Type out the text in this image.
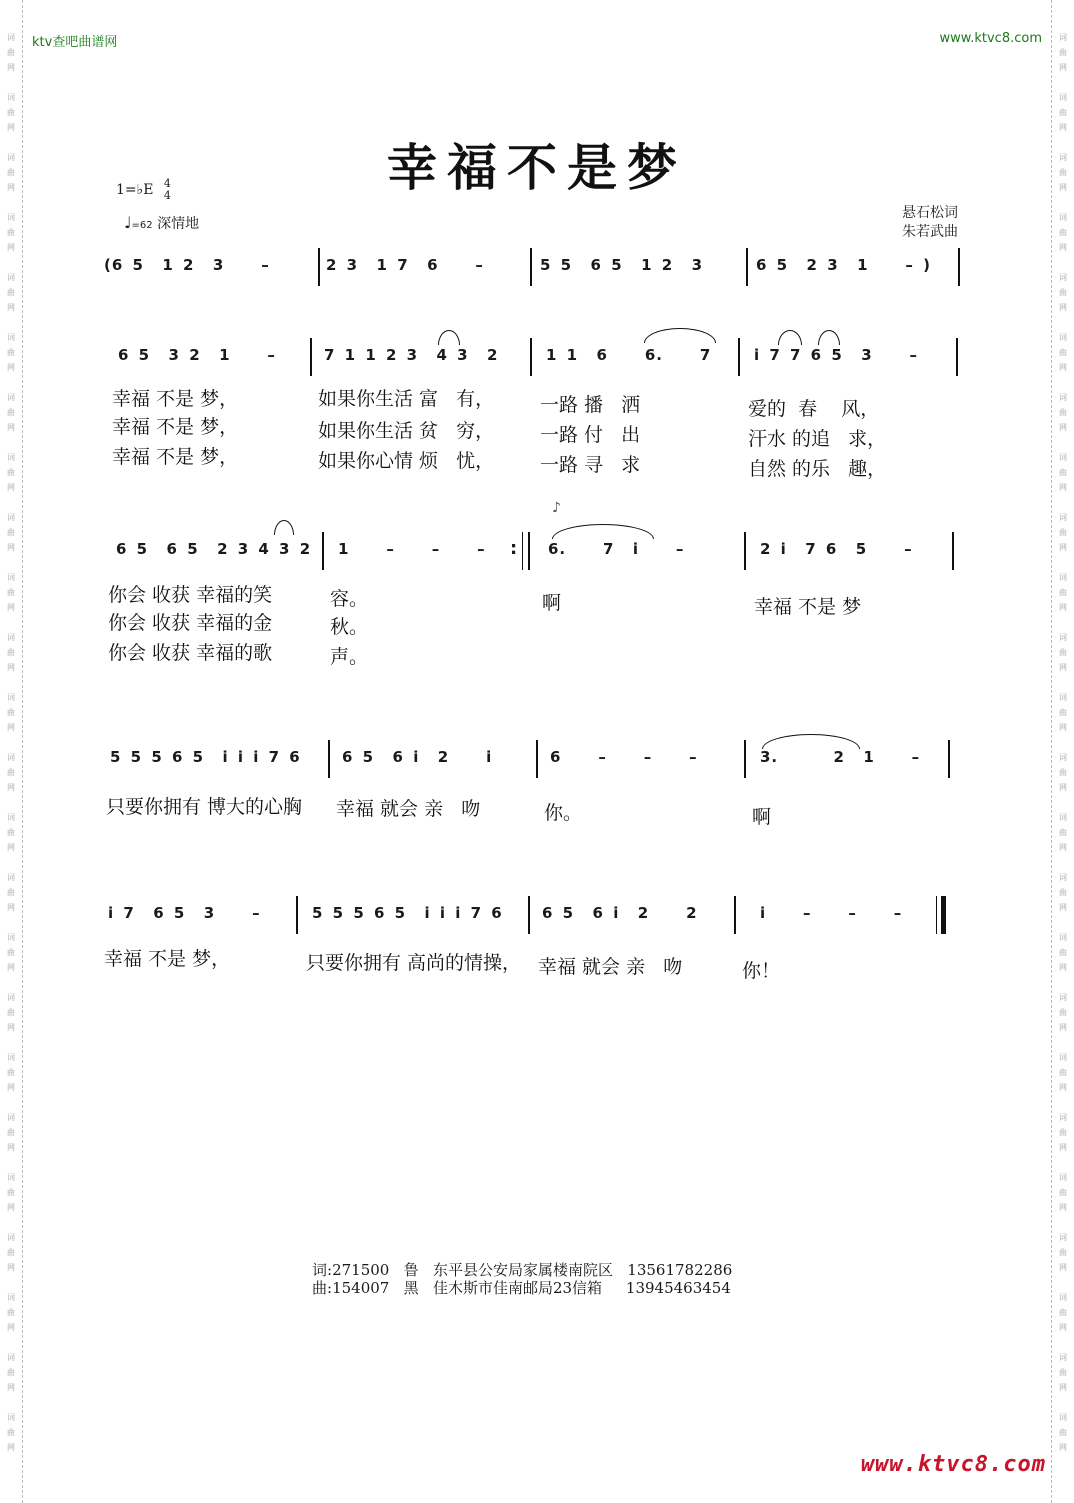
词
曲
网
词
曲
网
词
曲
网
词
曲
网
词
曲
网
词
曲
网
词
曲
网
词
曲
网
词
曲
网
词
曲
网
词
曲
网
词
曲
网
词
曲
网
词
曲
网
词
曲
网
词
曲
网
词
曲
网
词
曲
网
词
曲
网
词
曲
网
词
曲
网
词
曲
网
词
曲
网
词
曲
网
词
曲
网
词
曲
网
词
曲
网
词
曲
网
词
曲
网
词
曲
网
词
曲
网
词
曲
网
词
曲
网
词
曲
网
词
曲
网
词
曲
网
词
曲
网
词
曲
网
词
曲
网
词
曲
网
词
曲
网
词
曲
网
词
曲
网
词
曲
网
词
曲
网
词
曲
网
词
曲
网
词
曲
网
ktv查吧曲谱网	www.ktvc8.com
幸福不是梦
1=♭E 4
4
♩=62 深情地
悬石松词
朱若武曲
(6 5  1 2  3    –	2 3  1 7  6    –	5 5  6 5  1 2  3	6 5  2 3  1    – )
6 5  3 2  1    –	7 1 1 2 3  4 3  2	1 1  6    6.    7	i 7 7 6 5  3    –
幸福 不是 梦，	如果你生活 富   有， 一路 播   洒	爱的  春    风，
幸福 不是 梦，	如果你生活 贫   穷， 一路 付   出	汗水 的追   求，
幸福 不是 梦，	如果你心情 烦   忧， 一路 寻   求	自然 的乐   趣，
6 5  6 5  2 3 4 3 2 1    –    –    – :
♪
6.    7  i    –	2 i  7 6  5    –
你会 收获 幸福的笑	容。	啊	幸福 不是 梦
你会 收获 幸福的金	秋。
你会 收获 幸福的歌	声。
5 5 5 6 5  i i i 7 6	6 5  6 i  2    i	6    –    –    –	3.      2  1    –
只要你拥有 博大的心胸 幸福 就会 亲   吻	你。	啊
i 7  6 5  3    –	5 5 5 6 5  i i i 7 6	6 5  6 i  2    2	i    –    –    –
幸福 不是 梦，	只要你拥有 高尚的情操， 幸福 就会 亲   吻	你！
词:271500 鲁 东平县公安局家属楼南院区 13561782286
曲:154007 黑 佳木斯市佳南邮局23信箱 13945463454
www.ktvc8.com
